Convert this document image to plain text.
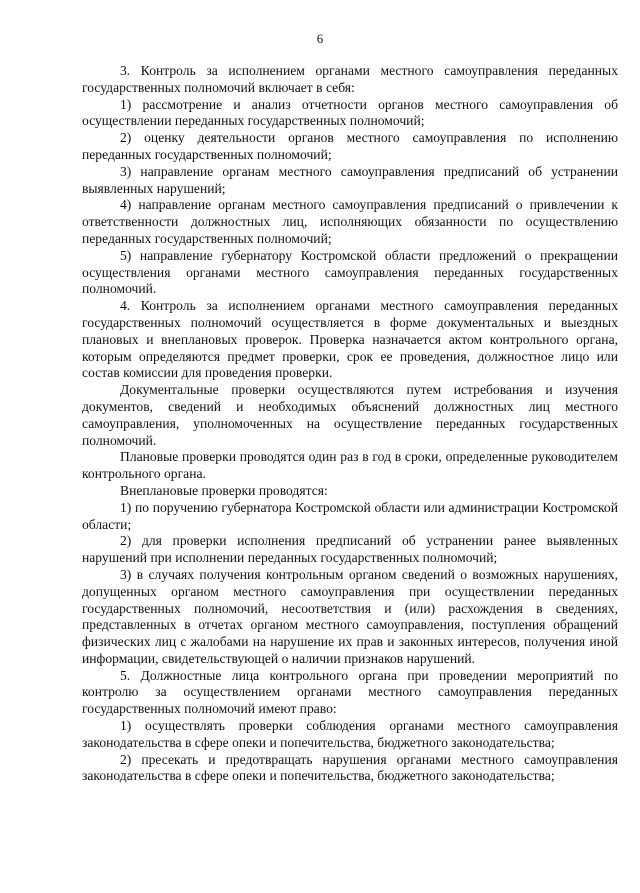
6

3. Контроль за исполнением органами местного самоуправления переданных государственных полномочий включает в себя:

1) рассмотрение и анализ отчетности органов местного самоуправления об осуществлении переданных государственных полномочий;

2) оценку деятельности органов местного самоуправления по исполнению переданных государственных полномочий;

3) направление органам местного самоуправления предписаний об устранении выявленных нарушений;

4) направление органам местного самоуправления предписаний о привлечении к ответственности должностных лиц, исполняющих обязанности по осуществлению переданных государственных полномочий;

5) направление губернатору Костромской области предложений о прекращении осуществления органами местного самоуправления переданных государственных полномочий.

4. Контроль за исполнением органами местного самоуправления переданных государственных полномочий осуществляется в форме документальных и выездных плановых и внеплановых проверок. Проверка назначается актом контрольного органа, которым определяются предмет проверки, срок ее проведения, должностное лицо или состав комиссии для проведения проверки.

Документальные проверки осуществляются путем истребования и изучения документов, сведений и необходимых объяснений должностных лиц местного самоуправления, уполномоченных на осуществление переданных государственных полномочий.

Плановые проверки проводятся один раз в год в сроки, определенные руководителем контрольного органа.

Внеплановые проверки проводятся:

1) по поручению губернатора Костромской области или администрации Костромской области;

2) для проверки исполнения предписаний об устранении ранее выявленных нарушений при исполнении переданных государственных полномочий;

3) в случаях получения контрольным органом сведений о возможных нарушениях, допущенных органом местного самоуправления при осуществлении переданных государственных полномочий, несоответствия и (или) расхождения в сведениях, представленных в отчетах органом местного самоуправления, поступления обращений физических лиц с жалобами на нарушение их прав и законных интересов, получения иной информации, свидетельствующей о наличии признаков нарушений.

5. Должностные лица контрольного органа при проведении мероприятий по контролю за осуществлением органами местного самоуправления переданных государственных полномочий имеют право:

1) осуществлять проверки соблюдения органами местного самоуправления законодательства в сфере опеки и попечительства, бюджетного законодательства;

2) пресекать и предотвращать нарушения органами местного самоуправления законодательства в сфере опеки и попечительства, бюджетного законодательства;
